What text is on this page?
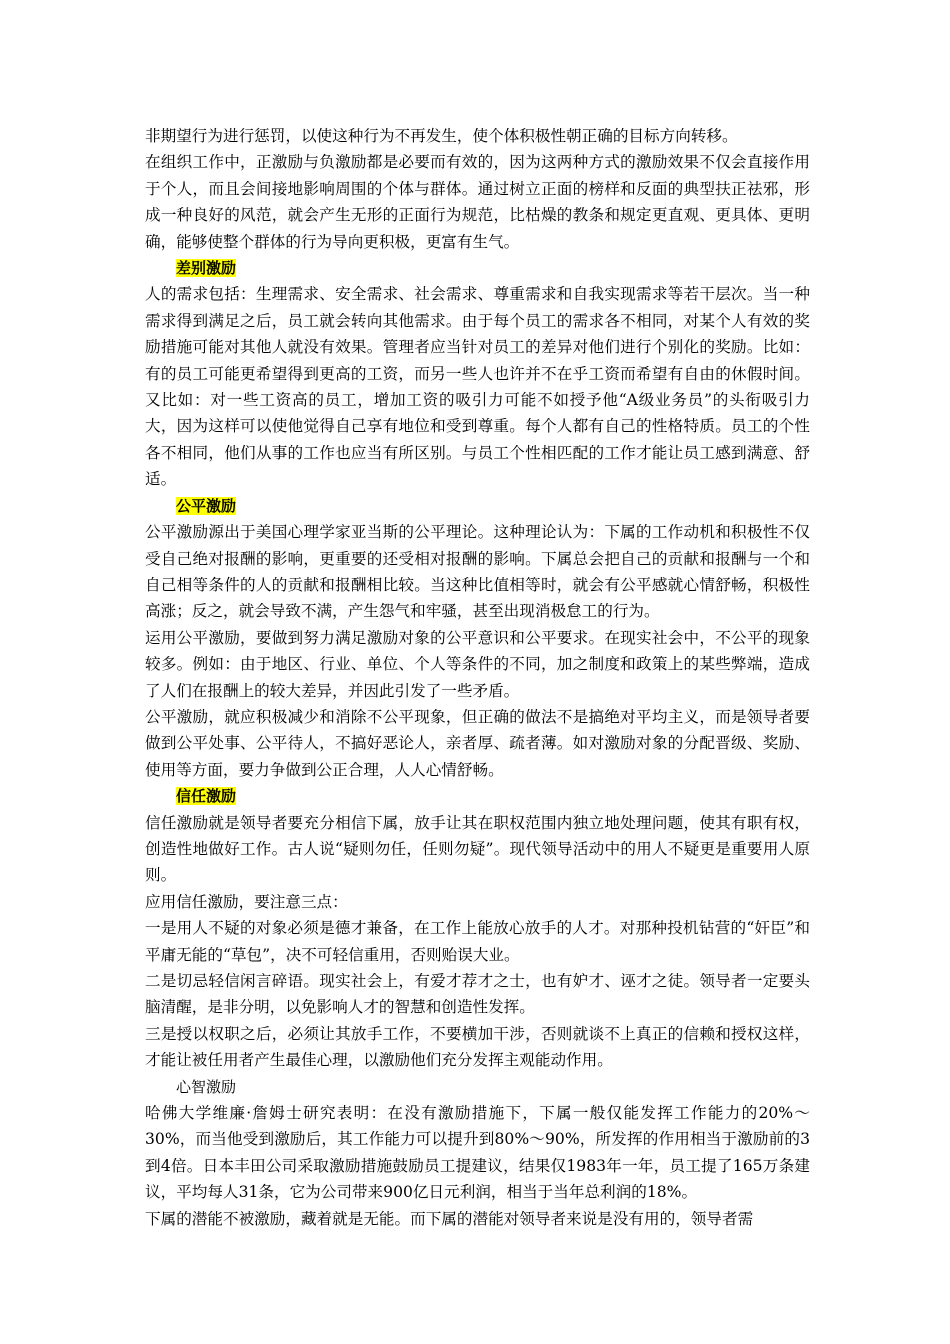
非期望行为进行惩罚，以使这种行为不再发生，使个体积极性朝正确的目标方向转移。

在组织工作中，正激励与负激励都是必要而有效的，因为这两种方式的激励效果不仅会直接作用于个人，而且会间接地影响周围的个体与群体。通过树立正面的榜样和反面的典型扶正祛邪，形成一种良好的风范，就会产生无形的正面行为规范，比枯燥的教条和规定更直观、更具体、更明确，能够使整个群体的行为导向更积极，更富有生气。

差别激励

人的需求包括：生理需求、安全需求、社会需求、尊重需求和自我实现需求等若干层次。当一种需求得到满足之后，员工就会转向其他需求。由于每个员工的需求各不相同，对某个人有效的奖励措施可能对其他人就没有效果。管理者应当针对员工的差异对他们进行个别化的奖励。比如：有的员工可能更希望得到更高的工资，而另一些人也许并不在乎工资而希望有自由的休假时间。又比如：对一些工资高的员工，增加工资的吸引力可能不如授予他“A级业务员”的头衔吸引力大，因为这样可以使他觉得自己享有地位和受到尊重。每个人都有自己的性格特质。员工的个性各不相同，他们从事的工作也应当有所区别。与员工个性相匹配的工作才能让员工感到满意、舒适。

公平激励

公平激励源出于美国心理学家亚当斯的公平理论。这种理论认为：下属的工作动机和积极性不仅受自己绝对报酬的影响，更重要的还受相对报酬的影响。下属总会把自己的贡献和报酬与一个和自己相等条件的人的贡献和报酬相比较。当这种比值相等时，就会有公平感就心情舒畅，积极性高涨；反之，就会导致不满，产生怨气和牢骚，甚至出现消极怠工的行为。

运用公平激励，要做到努力满足激励对象的公平意识和公平要求。在现实社会中，不公平的现象较多。例如：由于地区、行业、单位、个人等条件的不同，加之制度和政策上的某些弊端，造成了人们在报酬上的较大差异，并因此引发了一些矛盾。

公平激励，就应积极减少和消除不公平现象，但正确的做法不是搞绝对平均主义，而是领导者要做到公平处事、公平待人，不搞好恶论人，亲者厚、疏者薄。如对激励对象的分配晋级、奖励、使用等方面，要力争做到公正合理，人人心情舒畅。

信任激励

信任激励就是领导者要充分相信下属，放手让其在职权范围内独立地处理问题，使其有职有权，创造性地做好工作。古人说“疑则勿任，任则勿疑”。现代领导活动中的用人不疑更是重要用人原则。

应用信任激励，要注意三点：

一是用人不疑的对象必须是德才兼备，在工作上能放心放手的人才。对那种投机钻营的“奸臣”和平庸无能的“草包”，决不可轻信重用，否则贻误大业。

二是切忌轻信闲言碎语。现实社会上，有爱才荐才之士，也有妒才、诬才之徒。领导者一定要头脑清醒，是非分明，以免影响人才的智慧和创造性发挥。

三是授以权职之后，必须让其放手工作，不要横加干涉，否则就谈不上真正的信赖和授权这样，才能让被任用者产生最佳心理，以激励他们充分发挥主观能动作用。

心智激励

哈佛大学维廉·詹姆士研究表明：在没有激励措施下，下属一般仅能发挥工作能力的20%～30%，而当他受到激励后，其工作能力可以提升到80%～90%，所发挥的作用相当于激励前的3到4倍。日本丰田公司采取激励措施鼓励员工提建议，结果仅1983年一年，员工提了165万条建议，平均每人31条，它为公司带来900亿日元利润，相当于当年总利润的18%。

下属的潜能不被激励，藏着就是无能。而下属的潜能对领导者来说是没有用的，领导者需
